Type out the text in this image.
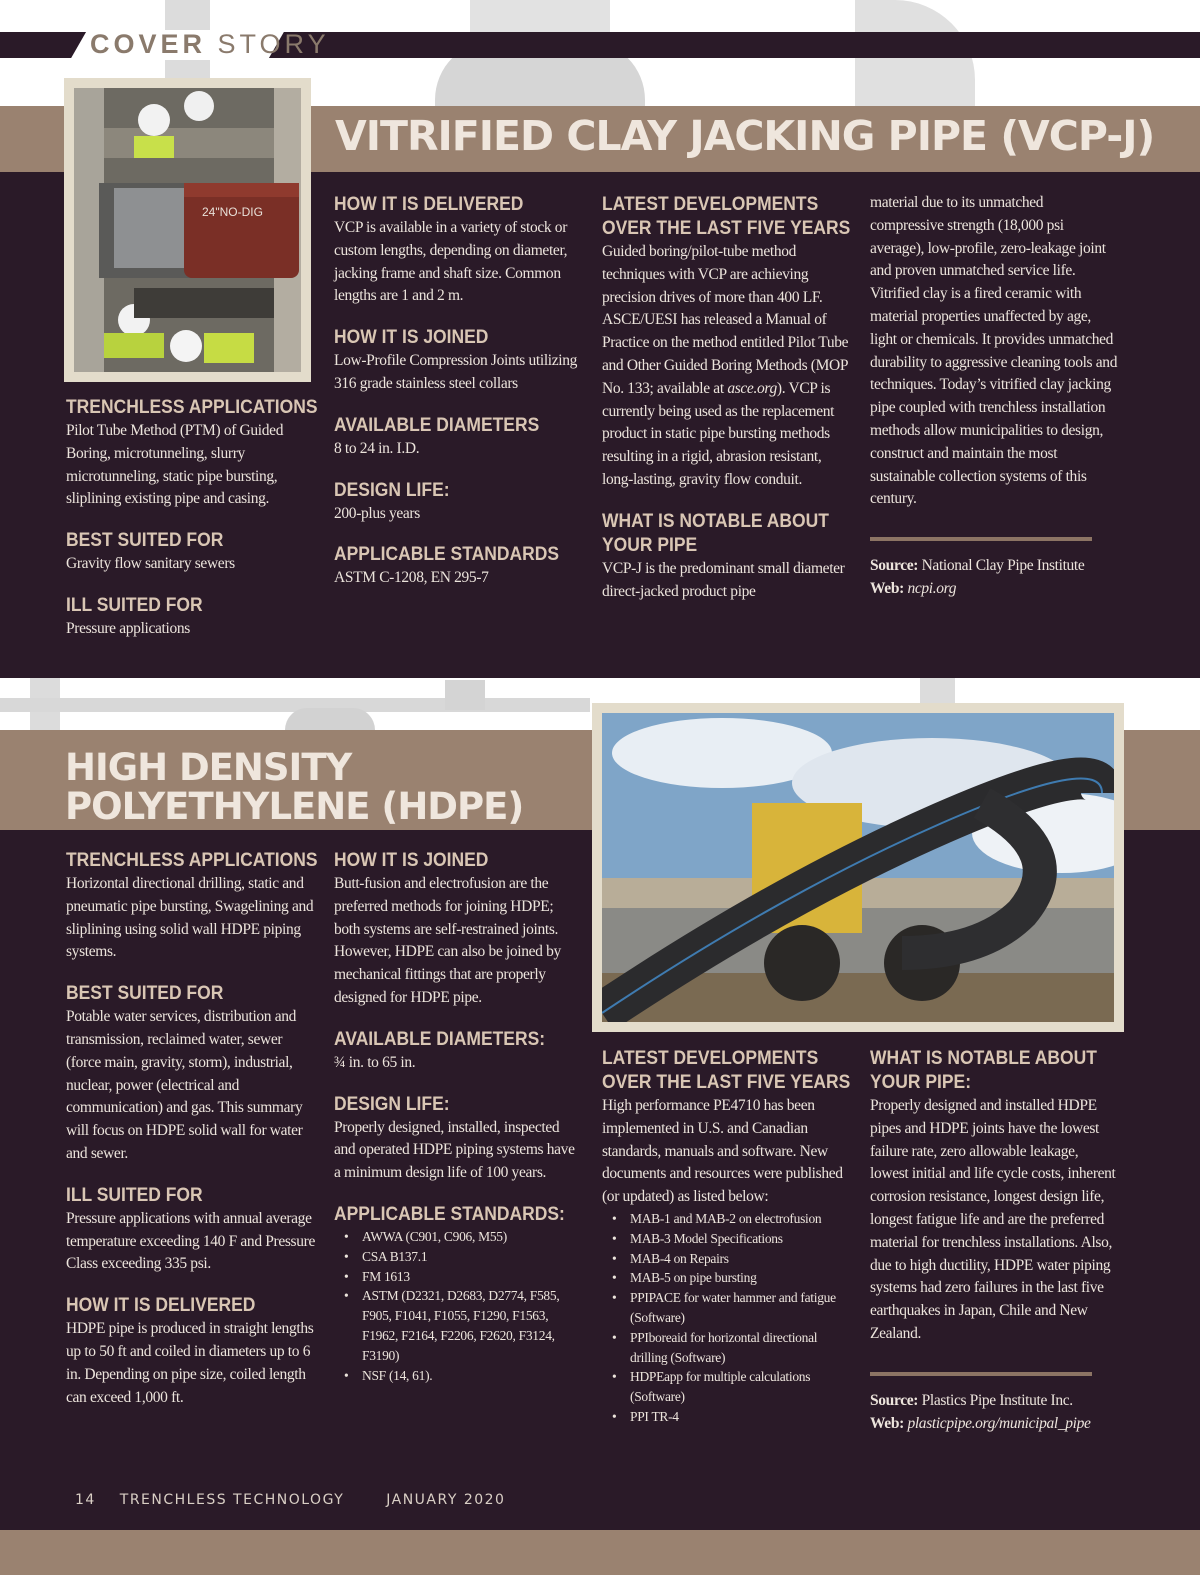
COVER STORY
VITRIFIED CLAY JACKING PIPE (VCP-J)
24"NO-DIG
TRENCHLESS APPLICATIONS

Pilot Tube Method (PTM) of Guided Boring, microtunneling, slurry microtunneling, static pipe bursting, sliplining existing pipe and casing.

BEST SUITED FOR

Gravity flow sanitary sewers

ILL SUITED FOR

Pressure applications

HOW IT IS DELIVERED

VCP is available in a variety of stock or custom lengths, depending on diameter, jacking frame and shaft size. Common lengths are 1 and 2 m.

HOW IT IS JOINED

Low-Profile Compression Joints utilizing 316 grade stainless steel collars

AVAILABLE DIAMETERS

8 to 24 in. I.D.

DESIGN LIFE:

200-plus years

APPLICABLE STANDARDS

ASTM C-1208, EN 295-7

LATEST DEVELOPMENTS
OVER THE LAST FIVE YEARS

Guided boring/pilot-tube method techniques with VCP are achieving precision drives of more than 400 LF. ASCE/UESI has released a Manual of Practice on the method entitled Pilot Tube and Other Guided Boring Methods (MOP No. 133; available at asce.org). VCP is currently being used as the replacement product in static pipe bursting methods resulting in a rigid, abrasion resistant, long-lasting, gravity flow conduit.

WHAT IS NOTABLE ABOUT
YOUR PIPE

VCP-J is the predominant small diameter direct-jacked product pipe

material due to its unmatched compressive strength (18,000 psi average), low-profile, zero-leakage joint and proven unmatched service life. Vitrified clay is a fired ceramic with material properties unaffected by age, light or chemicals. It provides unmatched durability to aggressive cleaning tools and techniques. Today’s vitrified clay jacking pipe coupled with trenchless installation methods allow municipalities to design, construct and maintain the most sustainable collection systems of this century.

Source: National Clay Pipe Institute

Web: ncpi.org

HIGH DENSITY
POLYETHYLENE (HDPE)
TRENCHLESS APPLICATIONS

Horizontal directional drilling, static and pneumatic pipe bursting, Swagelining and sliplining using solid wall HDPE piping systems.

BEST SUITED FOR

Potable water services, distribution and transmission, reclaimed water, sewer (force main, gravity, storm), industrial, nuclear, power (electrical and communication) and gas. This summary will focus on HDPE solid wall for water and sewer.

ILL SUITED FOR

Pressure applications with annual average temperature exceeding 140 F and Pressure Class exceeding 335 psi.

HOW IT IS DELIVERED

HDPE pipe is produced in straight lengths up to 50 ft and coiled in diameters up to 6 in. Depending on pipe size, coiled length can exceed 1,000 ft.

HOW IT IS JOINED

Butt-fusion and electrofusion are the preferred methods for joining HDPE; both systems are self-restrained joints. However, HDPE can also be joined by mechanical fittings that are properly designed for HDPE pipe.

AVAILABLE DIAMETERS:

¾ in. to 65 in.

DESIGN LIFE:

Properly designed, installed, inspected and operated HDPE piping systems have a minimum design life of 100 years.

APPLICABLE STANDARDS:
• AWWA (C901, C906, M55)
• CSA B137.1
• FM 1613
• ASTM (D2321, D2683, D2774, F585, F905, F1041, F1055, F1290, F1563, F1962, F2164, F2206, F2620, F3124, F3190)
• NSF (14, 61).
LATEST DEVELOPMENTS
OVER THE LAST FIVE YEARS

High performance PE4710 has been implemented in U.S. and Canadian standards, manuals and software. New documents and resources were published (or updated) as listed below:

• MAB-1 and MAB-2 on electrofusion
• MAB-3 Model Specifications
• MAB-4 on Repairs
• MAB-5 on pipe bursting
• PPIPACE for water hammer and fatigue (Software)
• PPIboreaid for horizontal directional drilling (Software)
• HDPEapp for multiple calculations (Software)
• PPI TR-4
WHAT IS NOTABLE ABOUT
YOUR PIPE:

Properly designed and installed HDPE pipes and HDPE joints have the lowest failure rate, zero allowable leakage, lowest initial and life cycle costs, inherent corrosion resistance, longest design life, longest fatigue life and are the preferred material for trenchless installations. Also, due to high ductility, HDPE water piping systems had zero failures in the last five earthquakes in Japan, Chile and New Zealand.

Source: Plastics Pipe Institute Inc.

Web: plasticpipe.org/municipal_pipe

14 TRENCHLESS TECHNOLOGY	JANUARY 2020
